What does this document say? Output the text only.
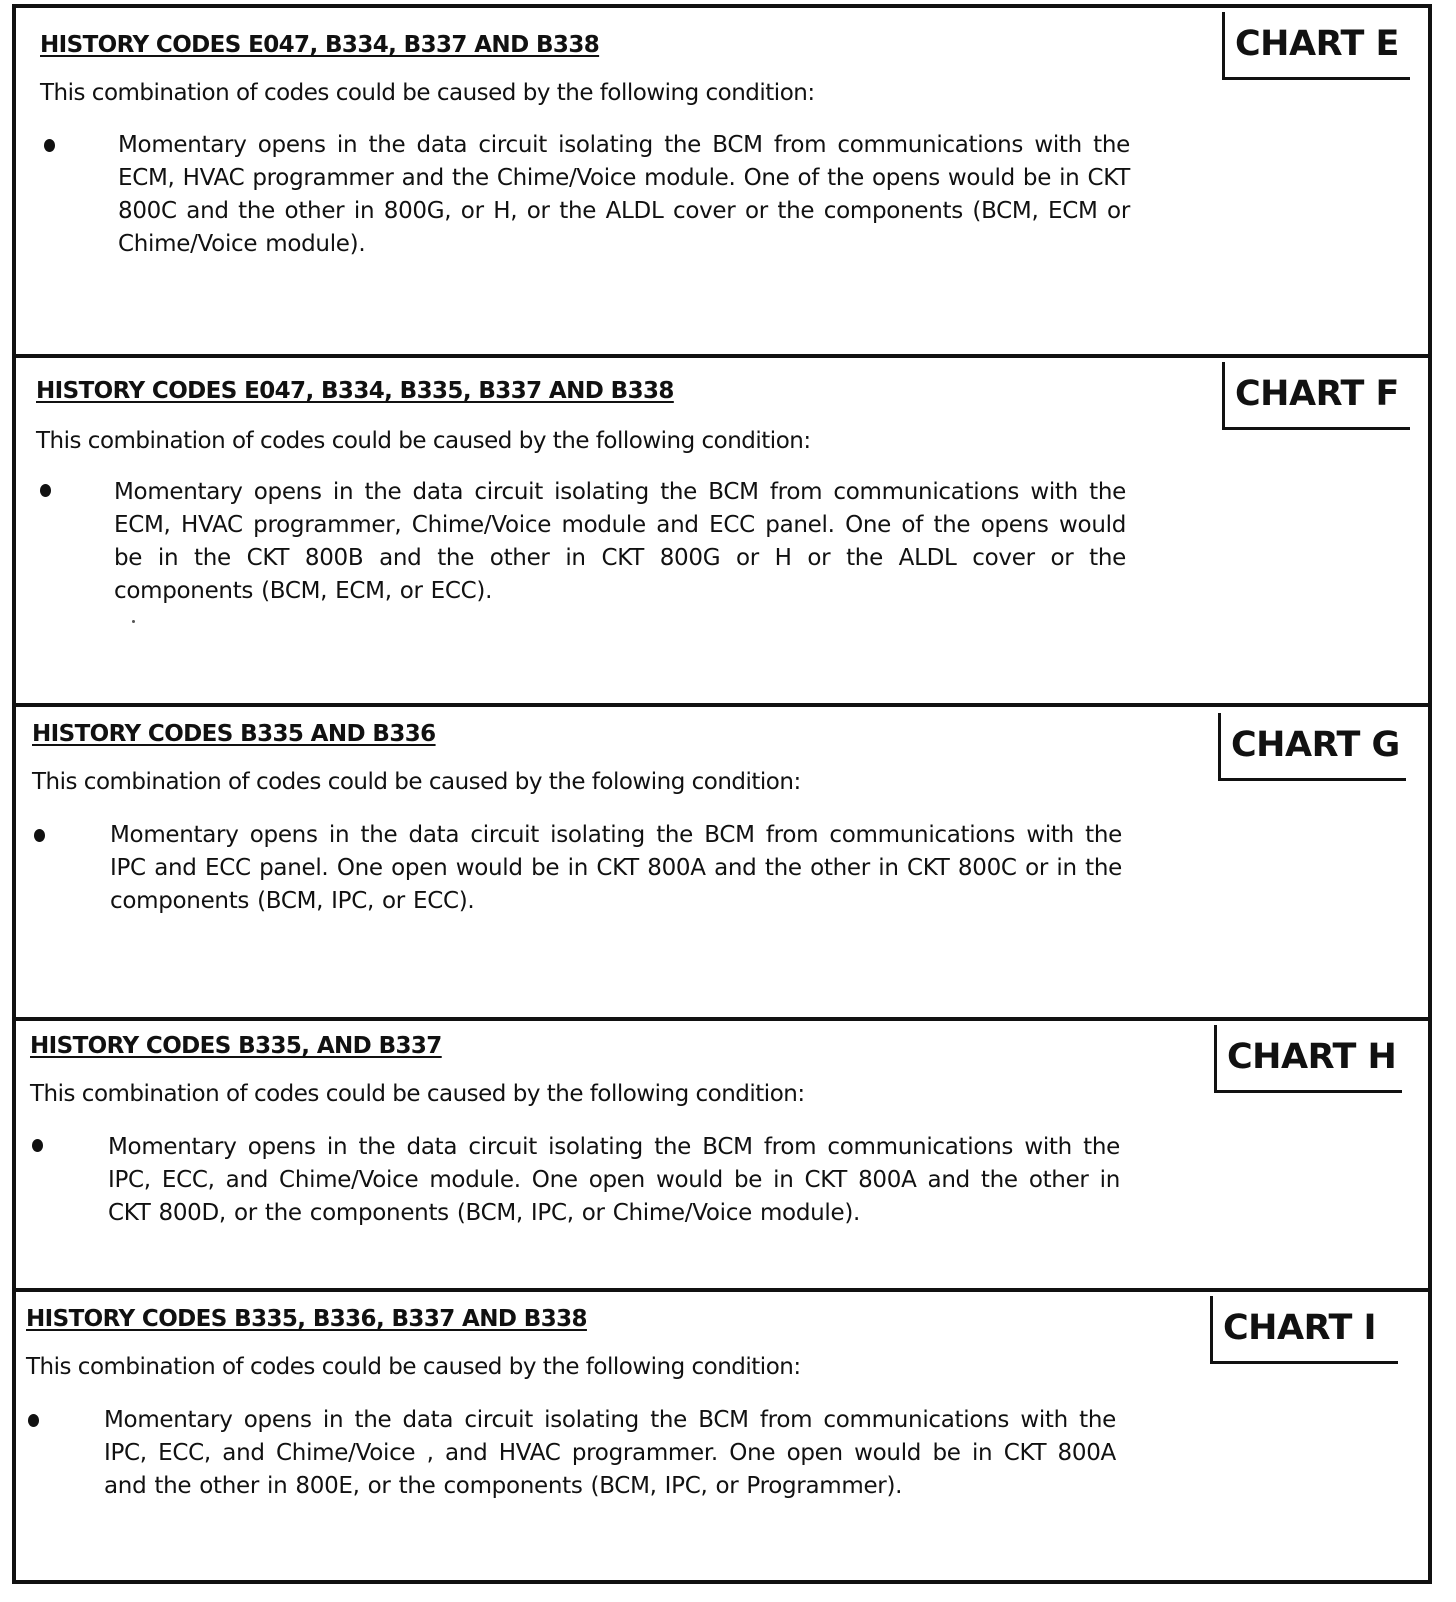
HISTORY CODES E047, B334, B337 AND B338	CHART E

This combination of codes could be caused by the following condition:

Momentary opens in the data circuit isolating the BCM from communications with the ECM, HVAC programmer and the Chime/Voice module. One of the opens would be in CKT 800C and the other in 800G, or H, or the ALDL cover or the components (BCM, ECM or Chime/Voice module).

HISTORY CODES E047, B334, B335, B337 AND B338	CHART F

This combination of codes could be caused by the following condition:

Momentary opens in the data circuit isolating the BCM from communications with the ECM, HVAC programmer, Chime/Voice module and ECC panel. One of the opens would be in the CKT 800B and the other in CKT 800G or H or the ALDL cover or the components (BCM, ECM, or ECC).

HISTORY CODES B335 AND B336	CHART G

This combination of codes could be caused by the folowing condition:

Momentary opens in the data circuit isolating the BCM from communications with the IPC and ECC panel. One open would be in CKT 800A and the other in CKT 800C or in the components (BCM, IPC, or ECC).

HISTORY CODES B335, AND B337	CHART H

This combination of codes could be caused by the following condition:

Momentary opens in the data circuit isolating the BCM from communications with the IPC, ECC, and Chime/Voice module. One open would be in CKT 800A and the other in CKT 800D, or the components (BCM, IPC, or Chime/Voice module).

HISTORY CODES B335, B336, B337 AND B338	CHART I

This combination of codes could be caused by the following condition:

Momentary opens in the data circuit isolating the BCM from communications with the IPC, ECC, and Chime/Voice , and HVAC programmer. One open would be in CKT 800A and the other in 800E, or the components (BCM, IPC, or Programmer).
